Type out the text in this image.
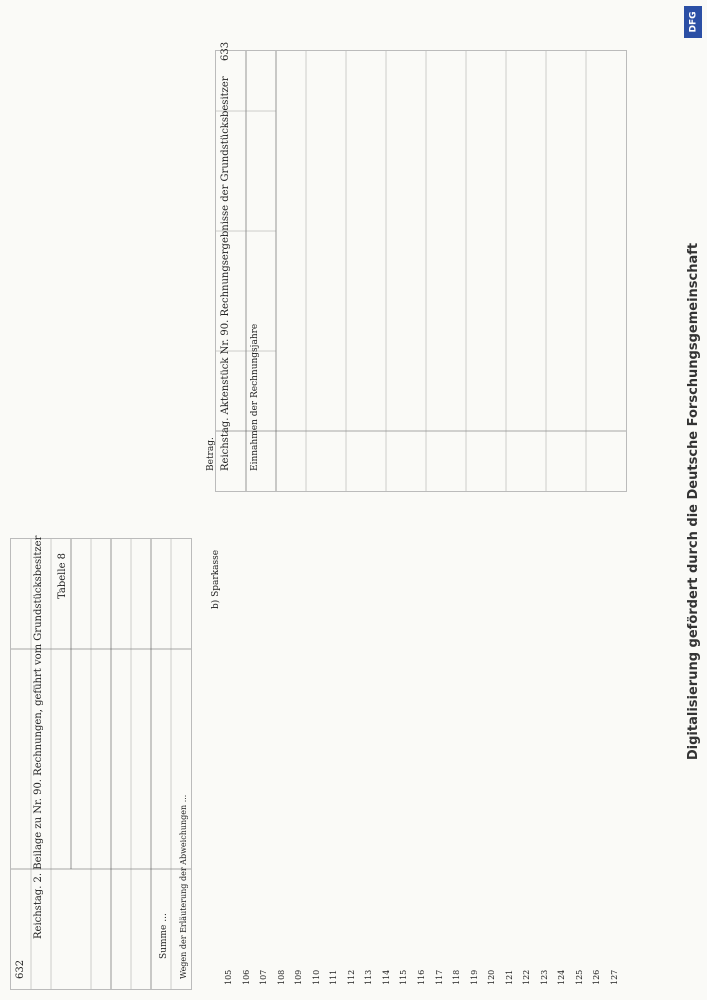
DFG
Digitalisierung gefördert durch die Deutsche Forschungsgemeinschaft
632
Reichstag. 2. Beilage zu Nr. 90. Rechnungen, geführt vom Grundstücksbesitzer Tabelle 8	b) Sparkasse
Wegen der Erläuterung der Abweichungen ...
Summe ...
Reichstag. Aktenstück Nr. 90. Rechnungsergebnisse der Grundstücksbesitzer
633
Einnahmen der Rechnungsjahre
Betrag.
105 106 107 108 109 110 111 112 113 114 115 116 117 118 119 120 121 122 123 124 125 126 127
